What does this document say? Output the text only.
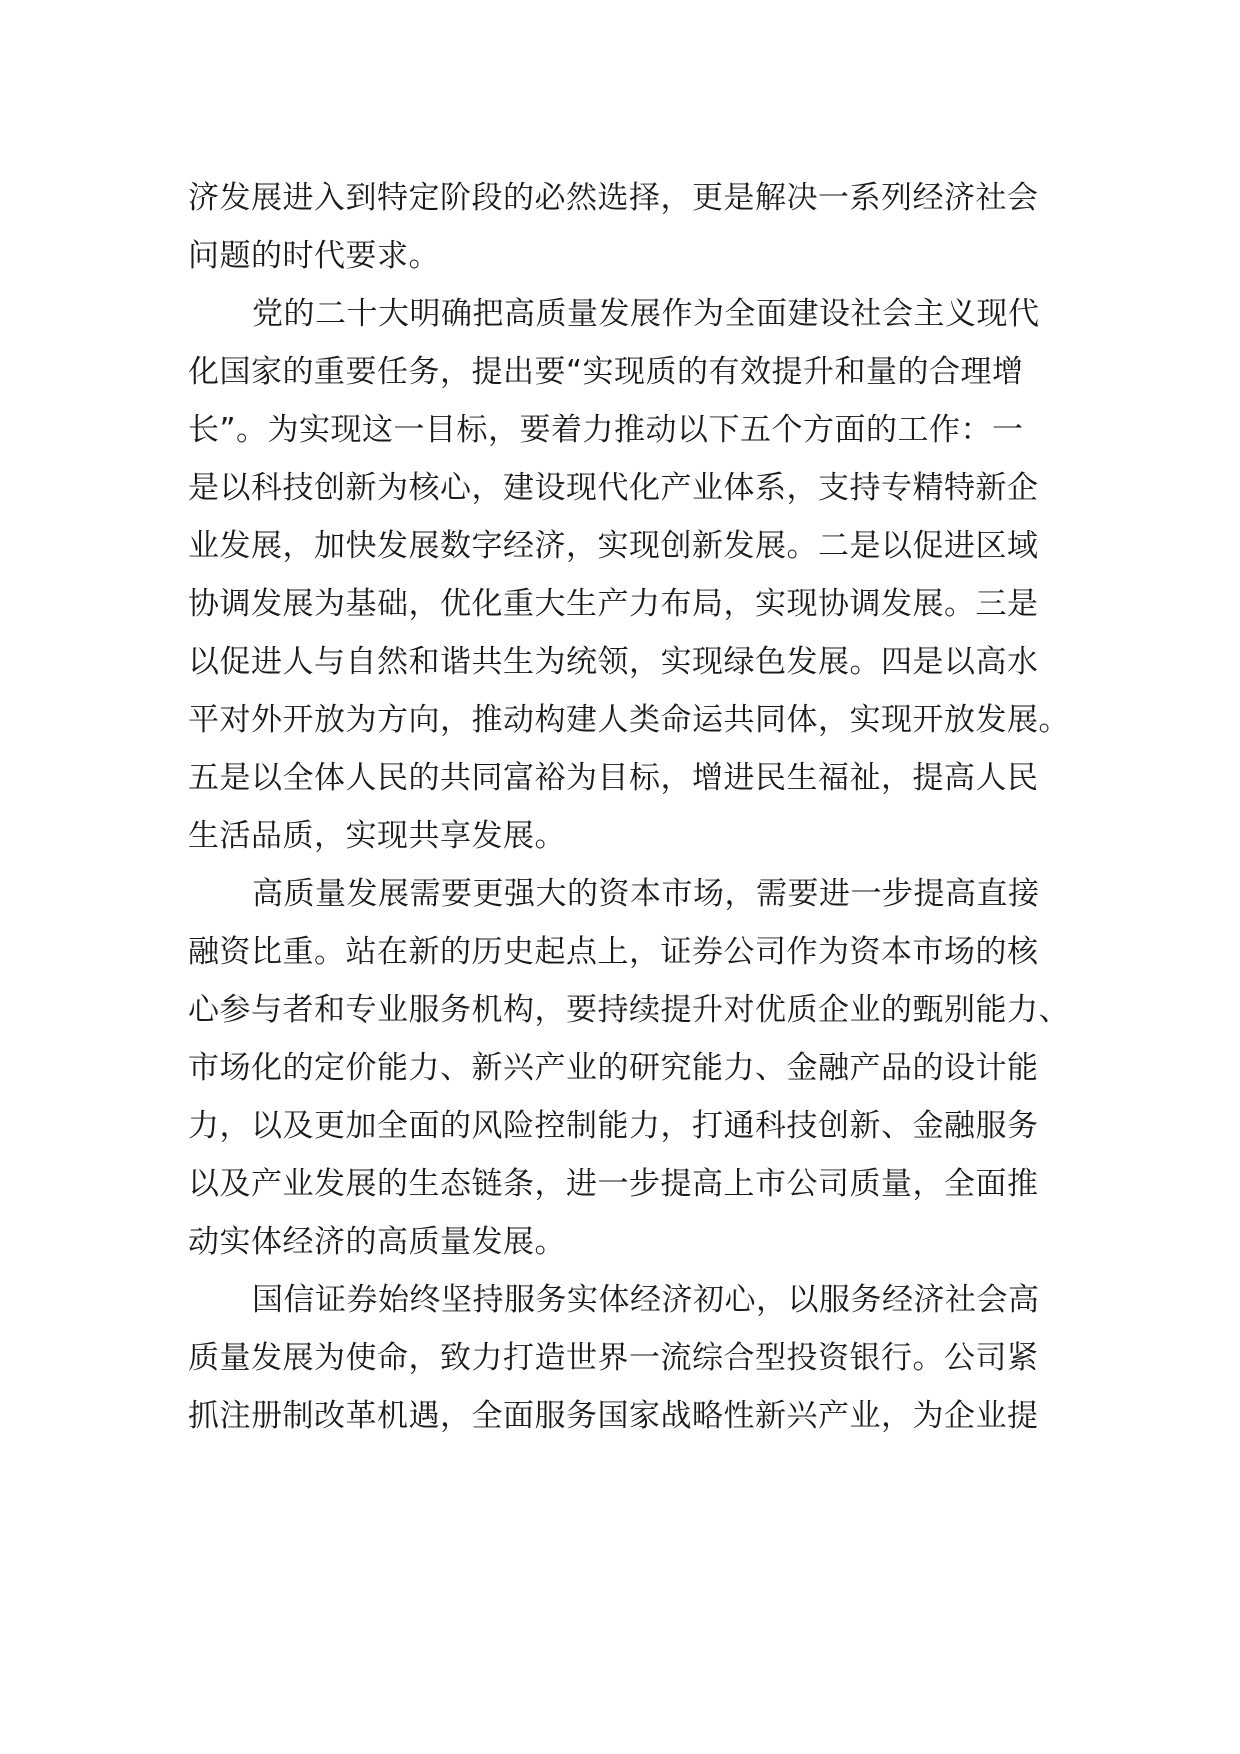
济发展进入到特定阶段的必然选择，更是解决一系列经济社会
问题的时代要求。
党的二十大明确把高质量发展作为全面建设社会主义现代
化国家的重要任务，提出要“实现质的有效提升和量的合理增
长”。为实现这一目标，要着力推动以下五个方面的工作：一
是以科技创新为核心，建设现代化产业体系，支持专精特新企
业发展，加快发展数字经济，实现创新发展。二是以促进区域
协调发展为基础，优化重大生产力布局，实现协调发展。三是
以促进人与自然和谐共生为统领，实现绿色发展。四是以高水
平对外开放为方向，推动构建人类命运共同体，实现开放发展。
五是以全体人民的共同富裕为目标，增进民生福祉，提高人民
生活品质，实现共享发展。
高质量发展需要更强大的资本市场，需要进一步提高直接
融资比重。站在新的历史起点上，证券公司作为资本市场的核
心参与者和专业服务机构，要持续提升对优质企业的甄别能力、
市场化的定价能力、新兴产业的研究能力、金融产品的设计能
力，以及更加全面的风险控制能力，打通科技创新、金融服务
以及产业发展的生态链条，进一步提高上市公司质量，全面推
动实体经济的高质量发展。
国信证券始终坚持服务实体经济初心，以服务经济社会高
质量发展为使命，致力打造世界一流综合型投资银行。公司紧
抓注册制改革机遇，全面服务国家战略性新兴产业，为企业提
